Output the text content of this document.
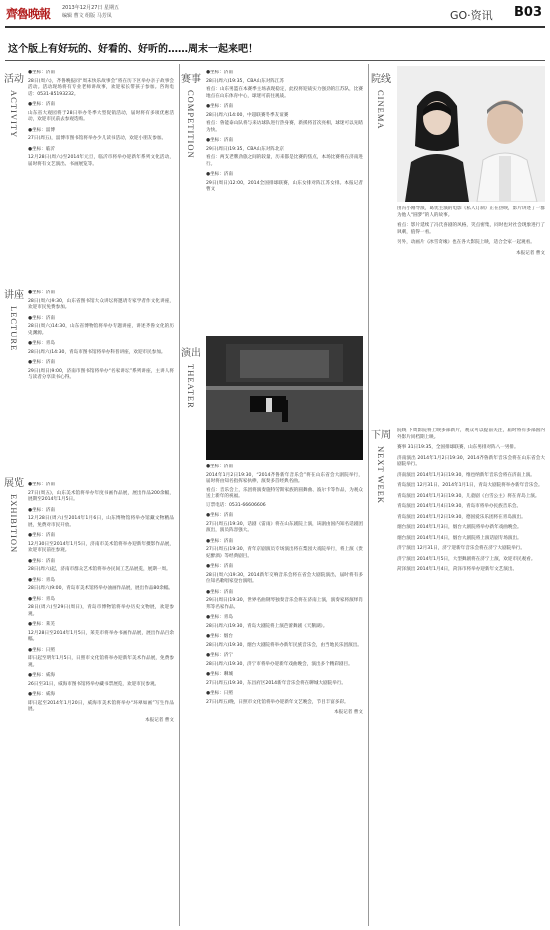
齊魯晚報 2013年12月27日 星期五
编辑 曹文 组版 马芳凤	GO·资讯 B03
这个版上有好玩的、好看的、好听的……周末一起来吧！
活动
ACTIVITY
讲座
LECTURE
展览
EXHIBITION
●坐标：济南
28日(周六)，齐鲁晚报同“周末快乐故事会”将在历下区举办亲子故事会活动。活动现场将有专业老师讲故事，欢迎家长带孩子参加。咨询电话：0531-85193232。
●坐标：济南
山东省大观园将于28日举办冬季大型促销活动，届时将有多项优惠活动，欢迎市民前去参观选购。
●坐标：淄博
27日(周五)，淄博市图书馆将举办少儿读书活动，欢迎小朋友参加。
●坐标：临沂
12月28日(周六)至2014年元旦，临沂市将举办迎新年系列文化活动，届时将有文艺演出、书画展览等。
●坐标：济南
28日(周六)9:30，山东省图书馆大众讲坛将邀请专家学者作文化讲座，欢迎市民免费参加。
●坐标：济南
28日(周六)14:30，山东省博物馆将举办专题讲座，讲述齐鲁文化的历史渊源。
●坐标：青岛
28日(周六)14:30，青岛市图书馆将举办科普讲座，欢迎市民参加。
●坐标：济南
29日(周日)9:00，济南市图书馆将举办“名家讲坛”系列讲座，主讲人将与读者分享读书心得。
●坐标：济南
27日(周五)，山东美术馆将举办年度书画作品展，展出作品200余幅，展期至2014年1月5日。
●坐标：济南
12月28日(周六)至2014年1月6日，山东博物馆将举办馆藏文物精品展，免费对市民开放。
●坐标：济南
12月30日至2014年1月5日，济南市美术馆将举办迎新年摄影作品展，欢迎市民前往参观。
●坐标：济南
28日(周六)起，济南市群众艺术馆将举办民间工艺品展览，展期一周。
●坐标：青岛
28日(周六)9:00，青岛市美术馆将举办油画作品展，展出作品80余幅。
●坐标：青岛
28日(周六)至29日(周日)，青岛市博物馆将举办历史文物展，欢迎参观。
●坐标：莱芜
12月28日至2014年1月5日，莱芜市将举办书画作品展，展出作品百余幅。
●坐标：日照
即日起至明年1月5日，日照市文化馆将举办迎新年美术作品展，免费参观。
●坐标：威海
26日至31日，威海市图书馆将举办藏书票展览，欢迎市民参观。
●坐标：威海
即日起至2014年1月20日，威海市美术馆将举办“环翠如画”写生作品展。
本报记者 曹文
赛事
COMPETITION
演出
THEATER
●坐标：济南
28日(周六)19:35，CBA山东对阵江苏
看点：山东男篮在本赛季主场表现稳定，此役将迎战实力强劲的江苏队，比赛地点在山东体育中心，球迷可前往观战。
●坐标：济南
28日(周六)14:00，中超联赛冬季友谊赛
看点：鲁能泰山队将与来访球队进行热身赛，新援将首次亮相，球迷可以先睹为快。
●坐标：济南
29日(周日)19:35，CBA山东对阵北京
看点：两支老牌劲旅之间的较量，历来都是比赛的焦点，本场比赛将在济南进行。
●坐标：济南
29日(周日)12:00，2014全国排球联赛，山东女排对阵江苏女排。本报记者 曹文
●坐标：济南
2014年1月2日19:30，“2014齐鲁新年音乐会”将在山东省会大剧院举行，届时将由知名指挥家执棒，演奏多首经典名曲。
看点：音乐会上，乐团将演奏施特劳斯家族的圆舞曲、波尔卡等作品，为观众送上新年的祝福。
订票电话：0531-66606606
●坐标：济南
27日(周五)19:30，话剧《雷雨》将在山东剧院上演，该剧由国内知名话剧团演出，演员阵容强大。
●坐标：济南
27日(周五)19:30，青年京剧演员专场演出将在梨园大戏院举行，将上演《贵妃醉酒》等经典剧目。
●坐标：济南
28日(周六)19:30，2014新年交响音乐会将在省会大剧院演出，届时将有多位知名歌唱家登台演唱。
●坐标：济南
29日(周日)19:30，世界名曲钢琴独奏音乐会将在济南上演，演奏家将演绎肖邦等名家作品。
●坐标：青岛
28日(周六)19:30，青岛大剧院将上演芭蕾舞剧《天鹅湖》。
●坐标：烟台
28日(周六)19:30，烟台大剧院将举办新年民族音乐会，由当地民乐团演出。
●坐标：济宁
28日(周六)19:30，济宁市将举办迎新年戏曲晚会，演出多个精彩剧目。
●坐标：聊城
27日(周五)19:30，东昌府区2014新年音乐会将在聊城大剧院举行。
●坐标：日照
27日(周五)晚，日照市文化馆将举办迎新年文艺晚会，节目丰富多彩。
本报记者 曹文
院线
CINEMA
下周
NEXT WEEK
由冯小刚导演，葛优主演的电影《私人订制》正在热映，影片讲述了一群为他人“圆梦”的人的故事。
看点：影片延续了冯氏喜剧的风格，笑点密集，同时也对社会现象进行了讽刺，值得一看。
另外，动画片《冰雪奇缘》也在各大影院上映，适合全家一起观看。
本报记者 曹文
院线 下周影院将上映多部新片，观众可以提前关注，届时将有多部国内外影片同档期上映。
赛事 31日19:35，全国排球联赛，山东男排对阵八一男排。
济南演出 2014年1月2日19:30，2014齐鲁新年音乐会将在山东省会大剧院举行。
济南演出 2014年1月3日19:30，维也纳新年音乐会将在济南上演。
青岛演出 12月31日、2014年1月1日，青岛大剧院将举办新年音乐会。
青岛演出 2014年1月3日19:30，儿童剧《白雪公主》将在青岛上演。
青岛演出 2014年1月4日19:30，青岛市将举办民族音乐会。
青岛演出 2014年1月2日19:30，德国爱乐乐团将在青岛演出。
烟台演出 2014年1月3日，烟台大剧院将举办新年戏曲晚会。
烟台演出 2014年1月4日，烟台大剧院将上演话剧专场演出。
济宁演出 12月31日，济宁迎新年音乐会将在济宁大剧院举行。
济宁演出 2014年1月5日，大型舞剧将在济宁上演，欢迎市民观看。
菏泽演出 2014年1月4日，菏泽市将举办迎新年文艺演出。
